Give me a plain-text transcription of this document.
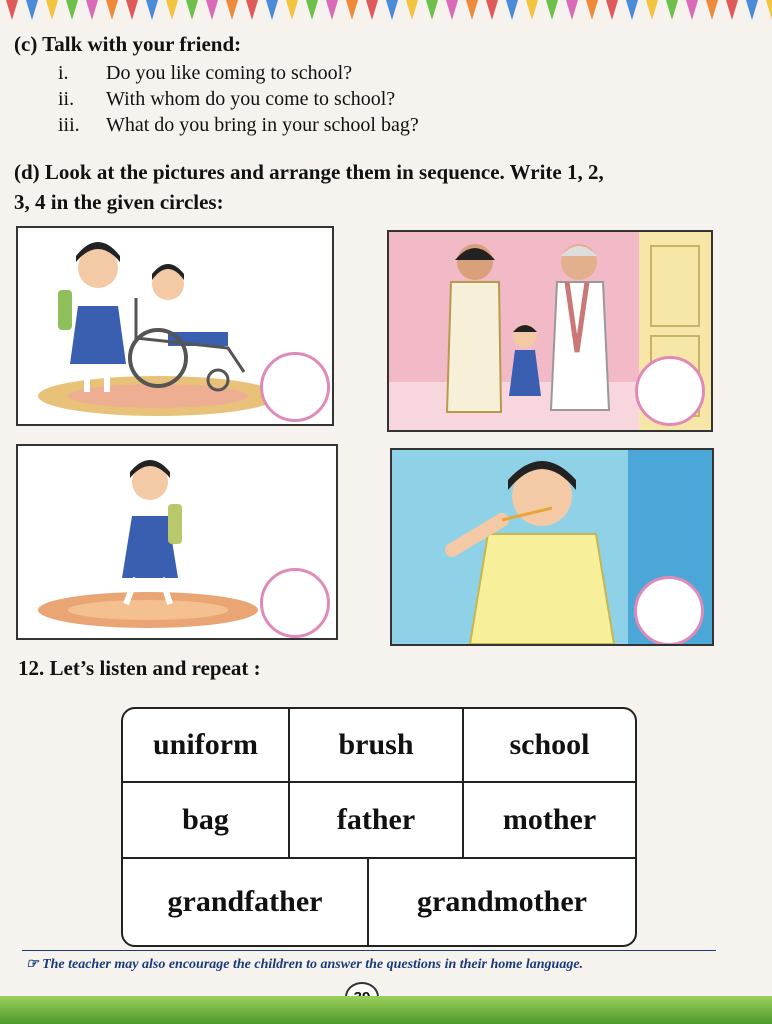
(c) Talk with your friend:
i.	Do you like coming to school?
ii.	With whom do you come to school?
iii.	What do you bring in your school bag?
(d) Look at the pictures and arrange them in sequence. Write 1, 2,
3, 4 in the given circles:
12. Let’s listen and repeat :
uniform	brush	school
bag	father	mother
grandfather	grandmother
☞ The teacher may also encourage the children to answer the questions in their home language.
